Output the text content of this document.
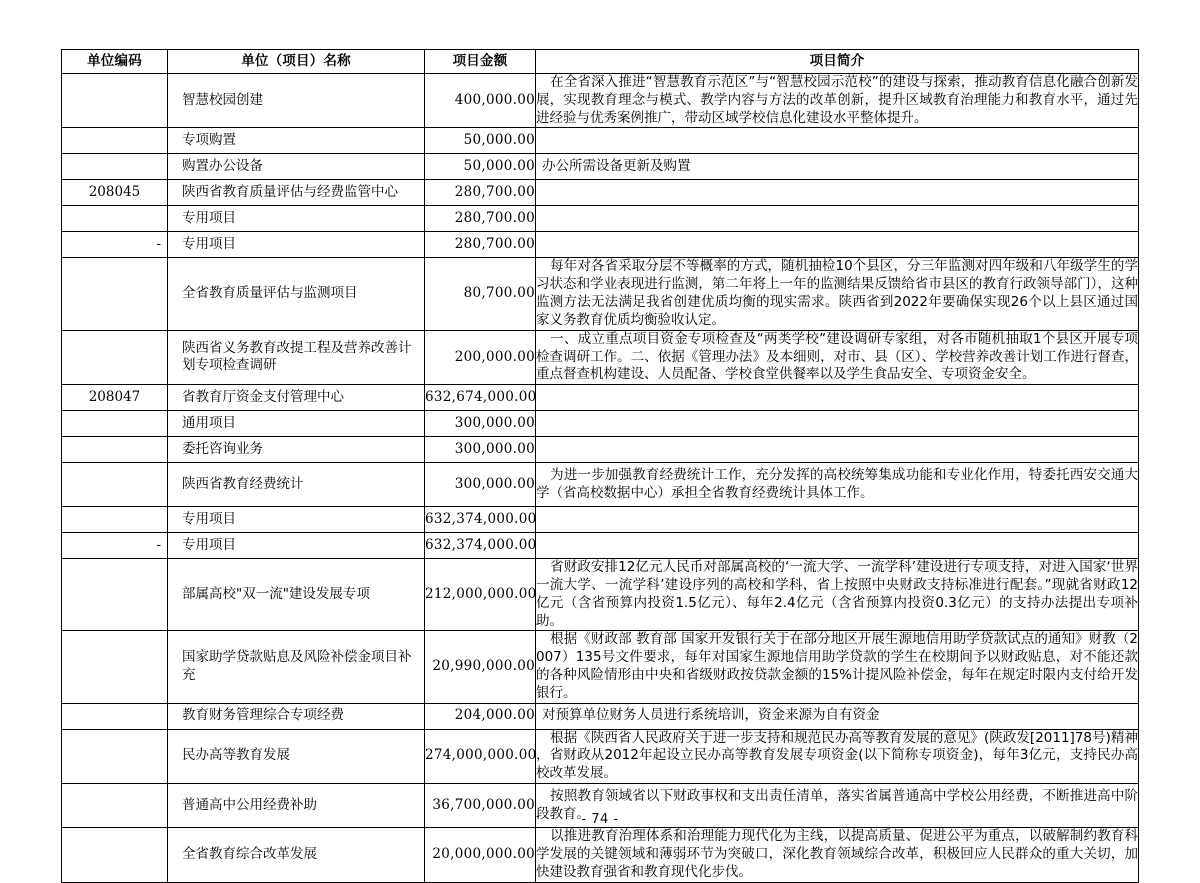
单位编码	单位（项目）名称	项目金额	项目简介
	智慧校园创建	400,000.00	在全省深入推进“智慧教育示范区”与“智慧校园示范校”的建设与探索，推动教育信息化融合创新发展，实现教育理念与模式、教学内容与方法的改革创新，提升区域教育治理能力和教育水平，通过先进经验与优秀案例推广，带动区域学校信息化建设水平整体提升。

	专项购置	50,000.00	

	购置办公设备	50,000.00	办公所需设备更新及购置
208045	陕西省教育质量评估与经费监管中心	280,700.00	

	专用项目	280,700.00	

-	专用项目	280,700.00	

	全省教育质量评估与监测项目	80,700.00	每年对各省采取分层不等概率的方式，随机抽检10个县区，分三年监测对四年级和八年级学生的学习状态和学业表现进行监测，第二年将上一年的监测结果反馈给省市县区的教育行政领导部门），这种监测方法无法满足我省创建优质均衡的现实需求。陕西省到2022年要确保实现26个以上县区通过国家义务教育优质均衡验收认定。

	陕西省义务教育改提工程及营养改善计划专项检查调研	200,000.00	一、成立重点项目资金专项检查及“两类学校”建设调研专家组，对各市随机抽取1个县区开展专项检查调研工作。二、依据《管理办法》及本细则，对市、县（区）、学校营养改善计划工作进行督查，重点督查机构建设、人员配备、学校食堂供餐率以及学生食品安全、专项资金安全。

208047	省教育厅资金支付管理中心	632,674,000.00	

	通用项目	300,000.00	

	委托咨询业务	300,000.00	

	陕西省教育经费统计	300,000.00	为进一步加强教育经费统计工作，充分发挥的高校统筹集成功能和专业化作用，特委托西安交通大学（省高校数据中心）承担全省教育经费统计具体工作。

	专用项目	632,374,000.00	

-	专用项目	632,374,000.00	

	部属高校"双一流"建设发展专项	212,000,000.00	省财政安排12亿元人民币对部属高校的‘一流大学、一流学科’建设进行专项支持，对进入国家‘世界一流大学、一流学科’建设序列的高校和学科，省上按照中央财政支持标准进行配套。”现就省财政12亿元（含省预算内投资1.5亿元）、每年2.4亿元（含省预算内投资0.3亿元）的支持办法提出专项补助。

	国家助学贷款贴息及风险补偿金项目补充	20,990,000.00	根据《财政部 教育部 国家开发银行关于在部分地区开展生源地信用助学贷款试点的通知》财教（2007）135号文件要求，每年对国家生源地信用助学贷款的学生在校期间予以财政贴息，对不能还款的各种风险情形由中央和省级财政按贷款金额的15%计提风险补偿金，每年在规定时限内支付给开发银行。

	教育财务管理综合专项经费	204,000.00	对预算单位财务人员进行系统培训，资金来源为自有资金
	民办高等教育发展	274,000,000.00	根据《陕西省人民政府关于进一步支持和规范民办高等教育发展的意见》(陕政发[2011]78号)精神 ，省财政从2012年起设立民办高等教育发展专项资金(以下简称专项资金)，每年3亿元，支持民办高校改革发展。

	普通高中公用经费补助	36,700,000.00	按照教育领域省以下财政事权和支出责任清单，落实省属普通高中学校公用经费，不断推进高中阶段教育。

	全省教育综合改革发展	20,000,000.00	以推进教育治理体系和治理能力现代化为主线，以提高质量、促进公平为重点，以破解制约教育科学发展的关键领域和薄弱环节为突破口，深化教育领域综合改革，积极回应人民群众的重大关切，加快建设教育强省和教育现代化步伐。
- 74 -
